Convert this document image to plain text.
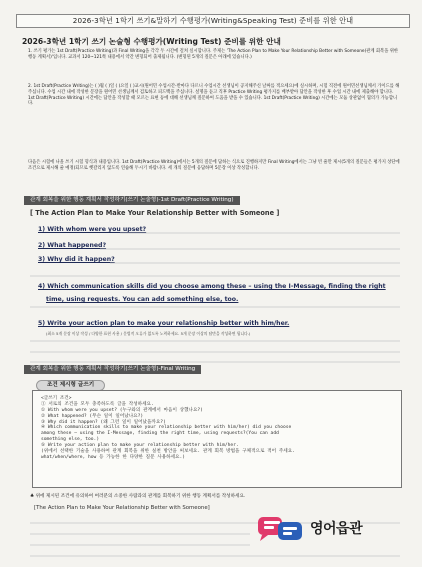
2026-3학년 1학기 쓰기&말하기 수행평가(Writing&Speaking Test) 준비를 위한 안내
2026-3학년 1학기 쓰기 논술형 수행평가(Writing Test) 준비를 위한 안내
1. 쓰기 평가는 1st Draft(Practice Writing)과 Final Writing을 각각 두 시간에 걸쳐 실시합니다. 주제는 'The Action Plan to Make Your Relationship Better with Someone(관계 회복을 위한 행동 계획서)'입니다. 교과서 120~121쪽 내용에서 약간 변형되어 출제됩니다. (변형된 5개의 질문은 아래에 있습니다.)
2. 1st Draft(Practice Writing)는 ( )월 ( )일 ( )요일 ( )교시(원어민 수업시간-반마다 다르니 수업시간 선생님이 공지해주신 날짜를 적으세요)에 실시하며, 시험 직전에 원어민선생님께서 가이드를 해주십니다. 수업 시간 내에 작성한 문장을 원어민 선생님께서 검토하고 피드백을 주십니다. 설명을 듣고 직후 Practice Writing 평가지를 배부받아 답안을 작성한 후 수업 시간 내에 제출해야 합니다. 1st Draft(Practice Writing) 시간에는 답안을 작성할 때 모르는 표현 등에 대해 선생님께 질문하여 도움을 받을 수 있습니다. 1st Draft(Practice Writing) 시간에는 모둠 상관없이 협의가 가능합니다.
다음은 시험에 나올 쓰기 시험 형식과 내용입니다. 1st Draft(Practice Writing)에서는 5개의 질문에 답하는 식으로 진행하지만 Final Writing에서는 그냥 빈 줄만 제시(5개의 질문들은 평가지 상단에 조건으로 제시해 줄 예정)되므로 헷갈리지 않도록 연습해 두시기 바랍니다. 세 개의 질문에 응답하며 5문장 이상 작성합니다.
관계 회복을 위한 행동 계획서 작성하기(쓰기 논술형)-1st Draft(Practice Writing)
[ The Action Plan to Make Your Relationship Better with Someone ]
1) With whom were you upset?
2) What happened?
3) Why did it happen?
4) Which communication skills did you choose among these – using the I-Message, finding the right
time, using requests. You can add something else, too.
5) Write your action plan to make your relationship better with him/her.
(최소 5개 문장 이상 작성 / 다양한 표현 사용 / 문법적 오류가 없도록 노력하세요. 5개 문장 이상의 답만을 작성하면 됩니다.)
관계 회복을 위한 행동 계획서 작성하기(쓰기 논술형)-Final Writing
조건 제시형 글쓰기
<글쓰기 조건>
① 서로의 조건을 모두 충족하도록 글을 작성하세요.
① With whom were you upset? (누구와의 관계에서 마음이 상했나요?)
② What happened? (무슨 일이 일어났나요?)
③ Why did it happen? (왜 그런 일이 일어났을까요?)
④ Which communication skills to make your relationship better with him/her) did you choose
among these – using the I-Message, finding the right time, using requests?(You can add
something else, too.)
⑤ Write your action plan to make your relationship better with him/her.
(위에서 선택한 기술을 사용하여 관계 회복을 위한 실천 방안을 써보세요. 관계 회복 방법을 구체적으로 적어 주세요.
what/when/where, how 등 가능한 한 다양한 질문 사용하세요.)
♣ 위에 제시된 조건에 유의하여 여러분의 소중한 사람과의 관계를 회복하기 위한 행동 계획서를 작성하세요.
[The Action Plan to Make Your Relationship Better with Someone]
영어읍관
